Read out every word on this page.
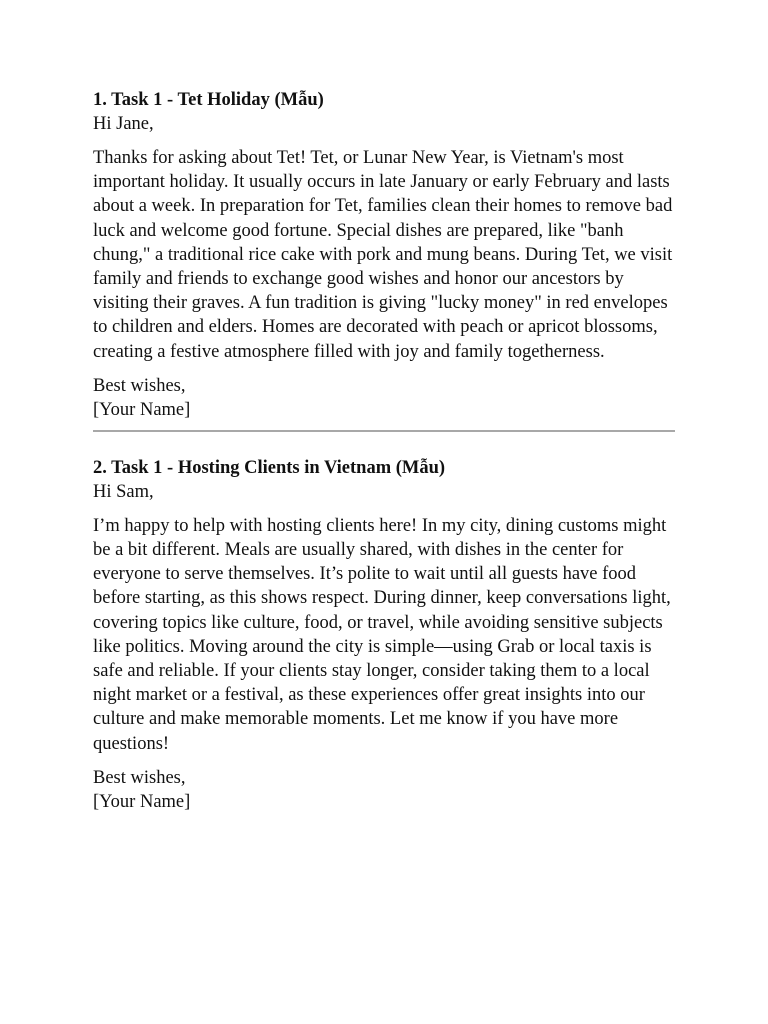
1. Task 1 - Tet Holiday (Mẫu)

Hi Jane,

Thanks for asking about Tet! Tet, or Lunar New Year, is Vietnam's most important holiday. It usually occurs in late January or early February and lasts about a week. In preparation for Tet, families clean their homes to remove bad luck and welcome good fortune. Special dishes are prepared, like "banh chung," a traditional rice cake with pork and mung beans. During Tet, we visit family and friends to exchange good wishes and honor our ancestors by visiting their graves. A fun tradition is giving "lucky money" in red envelopes to children and elders. Homes are decorated with peach or apricot blossoms, creating a festive atmosphere filled with joy and family togetherness.

Best wishes,

[Your Name]

2. Task 1 - Hosting Clients in Vietnam (Mẫu)

Hi Sam,

I’m happy to help with hosting clients here! In my city, dining customs might be a bit different. Meals are usually shared, with dishes in the center for everyone to serve themselves. It’s polite to wait until all guests have food before starting, as this shows respect. During dinner, keep conversations light, covering topics like culture, food, or travel, while avoiding sensitive subjects like politics. Moving around the city is simple—using Grab or local taxis is safe and reliable. If your clients stay longer, consider taking them to a local night market or a festival, as these experiences offer great insights into our culture and make memorable moments. Let me know if you have more questions!

Best wishes,

[Your Name]
